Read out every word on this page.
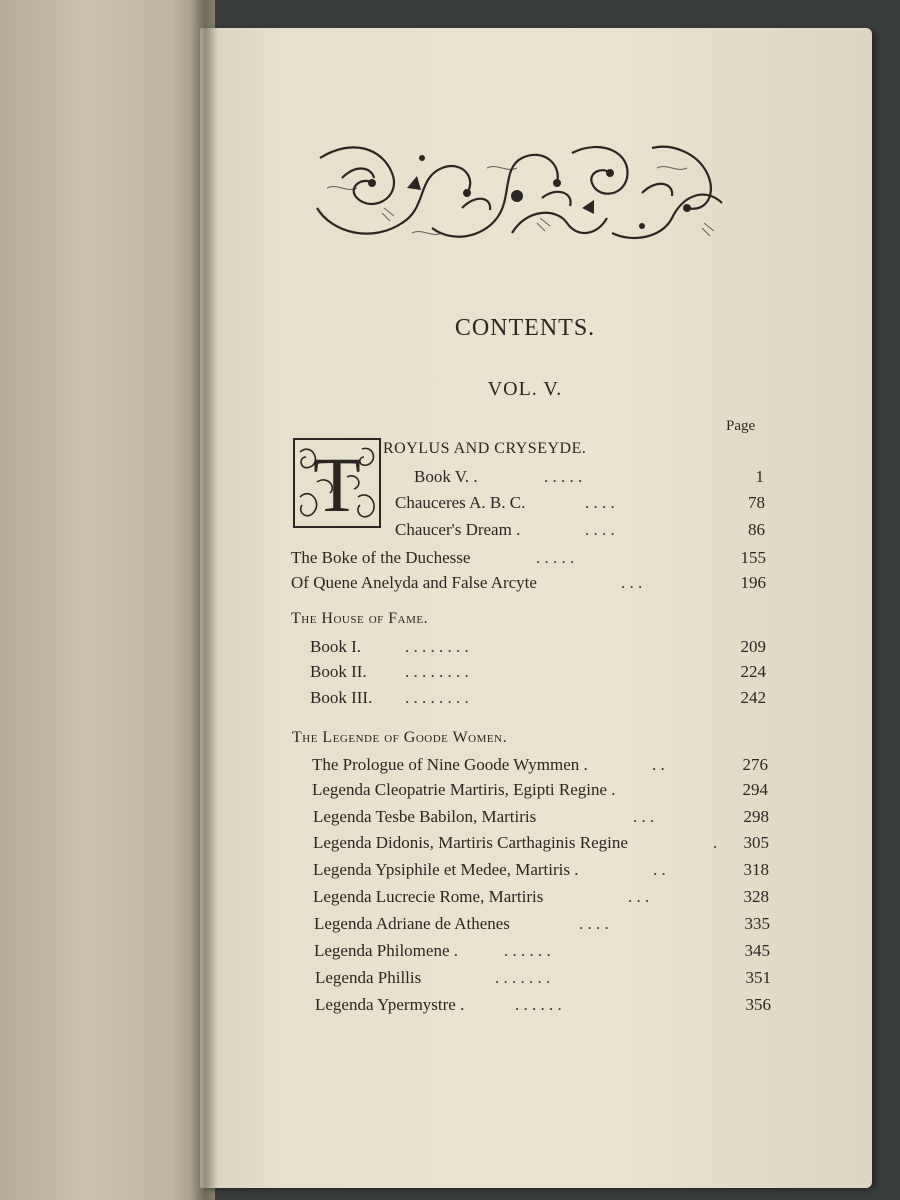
CONTENTS.
VOL. V.
Page
T ROYLUS AND CRYSEYDE.
Book V. .	. . . . .	1
Chauceres A. B. C.	. . . .	78
Chaucer's Dream .	. . . .	86
The Boke of the Duchesse	. . . . .	155
Of Quene Anelyda and False Arcyte	. . .	196
The House of Fame.
Book I.	. . . . . . . .	209
Book II. . . . . . . . .	224
Book III. . . . . . . . .	242
The Legende of Goode Women.
The Prologue of Nine Goode Wymmen .	. .	276
Legenda Cleopatrie Martiris, Egipti Regine .	294
Legenda Tesbe Babilon, Martiris	. . .	298
Legenda Didonis, Martiris Carthaginis Regine	. 305
Legenda Ypsiphile et Medee, Martiris .	. .	318
Legenda Lucrecie Rome, Martiris	. . .	328
Legenda Adriane de Athenes	. . . .	335
Legenda Philomene .	. . . . . .	345
Legenda Phillis	. . . . . . .	351
Legenda Ypermystre .	. . . . . .	356
